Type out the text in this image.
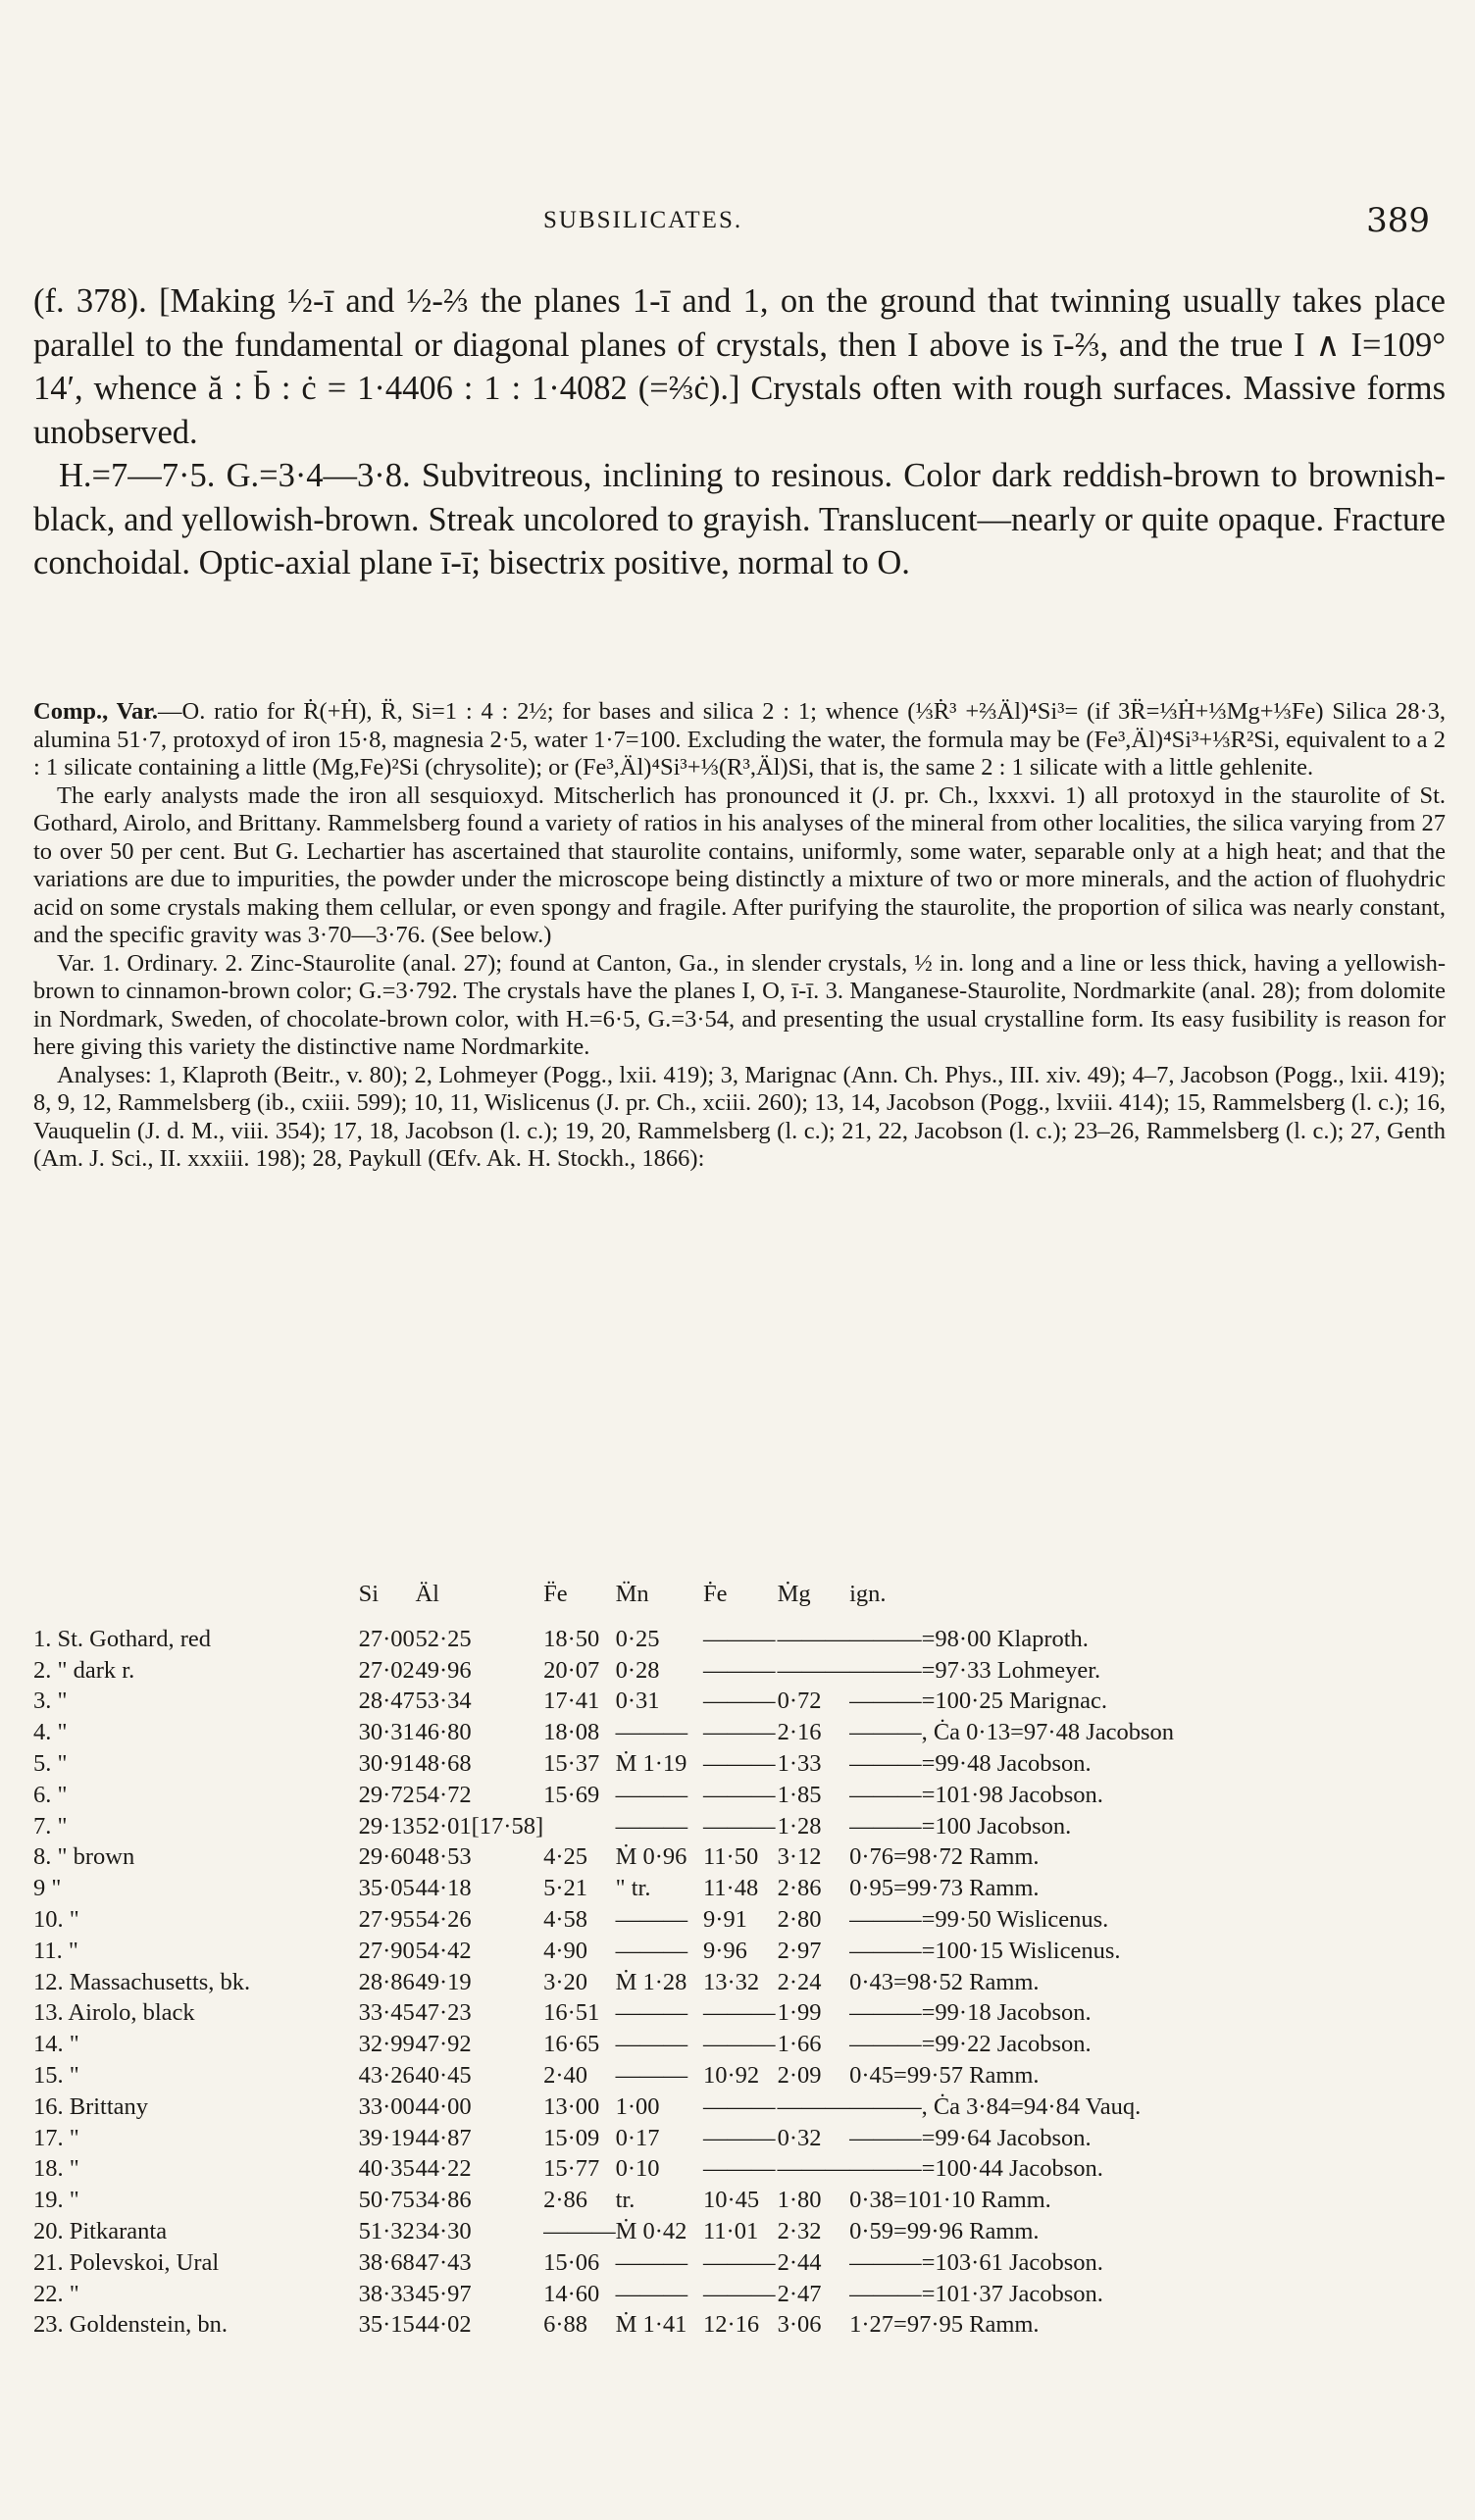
SUBSILICATES.	389

(f. 378). [Making ½-ī and ½-⅔ the planes 1-ī and 1, on the ground that twinning usually takes place parallel to the fundamental or diagonal planes of crystals, then I above is ī-⅔, and the true I ∧ I=109° 14′, whence ă : b̄ : ċ = 1·4406 : 1 : 1·4082 (=⅔ċ).] Crystals often with rough surfaces. Massive forms unobserved.

H.=7—7·5. G.=3·4—3·8. Subvitreous, inclining to resinous. Color dark reddish-brown to brownish-black, and yellowish-brown. Streak uncolored to grayish. Translucent—nearly or quite opaque. Fracture conchoidal. Optic-axial plane ī-ī; bisectrix positive, normal to O.

Comp., Var.—O. ratio for Ṙ(+Ḣ), R̈, Si=1 : 4 : 2½; for bases and silica 2 : 1; whence (⅓Ṙ³ +⅔Äl)⁴Si³= (if 3R̈=⅓Ḣ+⅓Mg+⅓Fe) Silica 28·3, alumina 51·7, protoxyd of iron 15·8, magnesia 2·5, water 1·7=100. Excluding the water, the formula may be (Fe³,Äl)⁴Si³+⅓R²Si, equivalent to a 2 : 1 silicate containing a little (Mg,Fe)²Si (chrysolite); or (Fe³,Äl)⁴Si³+⅓(R³,Äl)Si, that is, the same 2 : 1 silicate with a little gehlenite.

The early analysts made the iron all sesquioxyd. Mitscherlich has pronounced it (J. pr. Ch., lxxxvi. 1) all protoxyd in the staurolite of St. Gothard, Airolo, and Brittany. Rammelsberg found a variety of ratios in his analyses of the mineral from other localities, the silica varying from 27 to over 50 per cent. But G. Lechartier has ascertained that staurolite contains, uniformly, some water, separable only at a high heat; and that the variations are due to impurities, the powder under the microscope being distinctly a mixture of two or more minerals, and the action of fluohydric acid on some crystals making them cellular, or even spongy and fragile. After purifying the staurolite, the proportion of silica was nearly constant, and the specific gravity was 3·70—3·76. (See below.)

Var. 1. Ordinary. 2. Zinc-Staurolite (anal. 27); found at Canton, Ga., in slender crystals, ½ in. long and a line or less thick, having a yellowish-brown to cinnamon-brown color; G.=3·792. The crystals have the planes I, O, ī-ī. 3. Manganese-Staurolite, Nordmarkite (anal. 28); from dolomite in Nordmark, Sweden, of chocolate-brown color, with H.=6·5, G.=3·54, and presenting the usual crystalline form. Its easy fusibility is reason for here giving this variety the distinctive name Nordmarkite.

Analyses: 1, Klaproth (Beitr., v. 80); 2, Lohmeyer (Pogg., lxii. 419); 3, Marignac (Ann. Ch. Phys., III. xiv. 49); 4–7, Jacobson (Pogg., lxii. 419); 8, 9, 12, Rammelsberg (ib., cxiii. 599); 10, 11, Wislicenus (J. pr. Ch., xciii. 260); 13, 14, Jacobson (Pogg., lxviii. 414); 15, Rammelsberg (l. c.); 16, Vauquelin (J. d. M., viii. 354); 17, 18, Jacobson (l. c.); 19, 20, Rammelsberg (l. c.); 21, 22, Jacobson (l. c.); 23–26, Rammelsberg (l. c.); 27, Genth (Am. J. Sci., II. xxxiii. 198); 28, Paykull (Œfv. Ak. H. Stockh., 1866):

	Si	Äl	F̈e	M̈n	Ḟe	Ṁg	ign.
1. St. Gothard, red	27·00	52·25	18·50	0·25	———	———	———=98·00 Klaproth.
2. " dark r.	27·02	49·96	20·07	0·28	———	———	———=97·33 Lohmeyer.
3. "	28·47	53·34	17·41	0·31	———	0·72	———=100·25 Marignac.
4. "	30·31	46·80	18·08	———	———	2·16	———, Ċa 0·13=97·48 Jacobson
5. "	30·91	48·68	15·37	Ṁ 1·19	———	1·33	———=99·48 Jacobson.
6. "	29·72	54·72	15·69	———	———	1·85	———=101·98 Jacobson.
7. "	29·13	52·01[17·58]		———	———	1·28	———=100 Jacobson.
8. " brown	29·60	48·53	4·25	Ṁ 0·96	11·50	3·12	0·76=98·72 Ramm.
9 "	35·05	44·18	5·21	" tr.	11·48	2·86	0·95=99·73 Ramm.
10. "	27·95	54·26	4·58	———	9·91	2·80	———=99·50 Wislicenus.
11. "	27·90	54·42	4·90	———	9·96	2·97	———=100·15 Wislicenus.
12. Massachusetts, bk.	28·86	49·19	3·20	Ṁ 1·28	13·32	2·24	0·43=98·52 Ramm.
13. Airolo, black	33·45	47·23	16·51	———	———	1·99	———=99·18 Jacobson.
14. "	32·99	47·92	16·65	———	———	1·66	———=99·22 Jacobson.
15. "	43·26	40·45	2·40	———	10·92	2·09	0·45=99·57 Ramm.
16. Brittany	33·00	44·00	13·00	1·00	———	———	———, Ċa 3·84=94·84 Vauq.
17. "	39·19	44·87	15·09	0·17	———	0·32	———=99·64 Jacobson.
18. "	40·35	44·22	15·77	0·10	———	———	———=100·44 Jacobson.
19. "	50·75	34·86	2·86	tr.	10·45	1·80	0·38=101·10 Ramm.
20. Pitkaranta	51·32	34·30	———	Ṁ 0·42	11·01	2·32	0·59=99·96 Ramm.
21. Polevskoi, Ural	38·68	47·43	15·06	———	———	2·44	———=103·61 Jacobson.
22. "	38·33	45·97	14·60	———	———	2·47	———=101·37 Jacobson.
23. Goldenstein, bn.	35·15	44·02	6·88	Ṁ 1·41	12·16	3·06	1·27=97·95 Ramm.
